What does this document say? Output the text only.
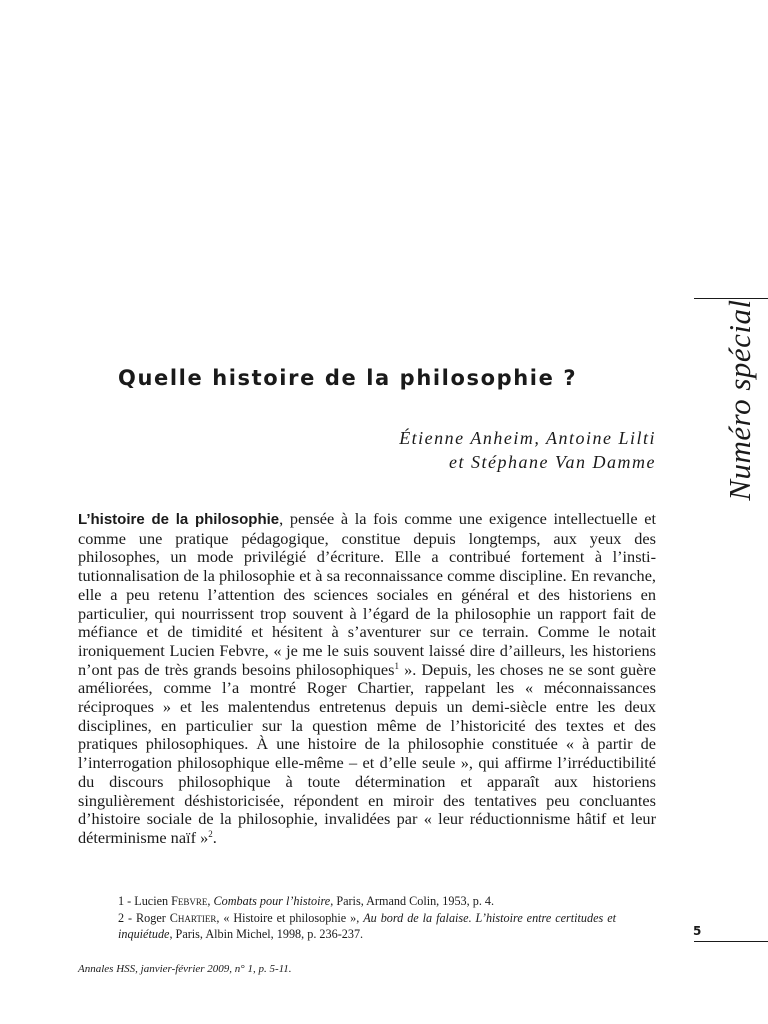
Quelle histoire de la philosophie ?
Étienne Anheim, Antoine Lilti
et Stéphane Van Damme

L’histoire de la philosophie, pensée à la fois comme une exigence intellectuelle et comme une pratique pédagogique, constitue depuis longtemps, aux yeux des philosophes, un mode privilégié d’écriture. Elle a contribué fortement à l’institutionnalisation de la philosophie et à sa reconnaissance comme discipline. En revanche, elle a peu retenu l’attention des sciences sociales en général et des historiens en particulier, qui nourrissent trop souvent à l’égard de la philosophie un rapport fait de méfiance et de timidité et hésitent à s’aventurer sur ce terrain. Comme le notait ironiquement Lucien Febvre, « je me le suis souvent laissé dire d’ailleurs, les historiens n’ont pas de très grands besoins philosophiques$^1$ ». Depuis, les choses ne se sont guère améliorées, comme l’a montré Roger Chartier, rappelant les « méconnaissances réciproques » et les malentendus entretenus depuis un demi-siècle entre les deux disciplines, en particulier sur la question même de l’historicité des textes et des pratiques philosophiques. À une histoire de la philosophie constituée « à partir de l’interrogation philosophique elle-même – et d’elle seule », qui affirme l’irréductibilité du discours philosophique à toute détermination et apparaît aux historiens singulièrement déshistoricisée, répondent en miroir des tentatives peu concluantes d’histoire sociale de la philosophie, invalidées par « leur réductionnisme hâtif et leur déterminisme naïf »$^2$.

1 - Lucien Febvre, Combats pour l’histoire, Paris, Armand Colin, 1953, p. 4.

2 - Roger Chartier, « Histoire et philosophie », Au bord de la falaise. L’histoire entre certitudes et inquiétude, Paris, Albin Michel, 1998, p. 236-237.

Annales HSS, janvier-février 2009, n° 1, p. 5-11.
Numéro spécial
5
